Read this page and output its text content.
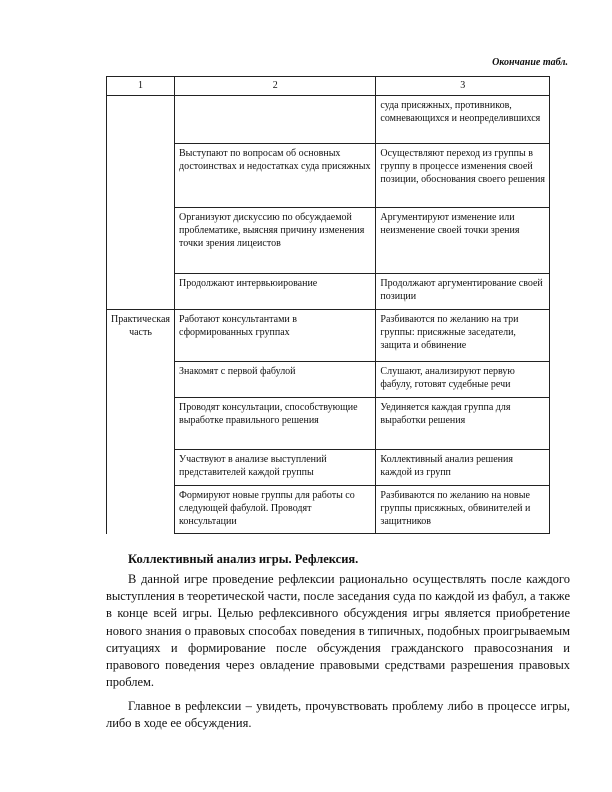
Окончание табл.
1	2	3
		суда присяжных, противников, сомневающихся и неопределившихся
	Выступают по вопросам об основных достоинствах и недостатках суда присяжных	Осуществляют переход из группы в группу в процессе изменения своей позиции, обоснования своего решения
	Организуют дискуссию по обсуждаемой проблематике, выясняя причину изменения точки зрения лицеистов	Аргументируют изменение или неизменение своей точки зрения
	Продолжают интервьюирование	Продолжают аргументирование своей позиции
Практическая часть	Работают консультантами в сформированных группах	Разбиваются по желанию на три группы: присяжные заседатели, защита и обвинение
	Знакомят с первой фабулой	Слушают, анализируют первую фабулу, готовят судебные речи
	Проводят консультации, способствующие выработке правильного решения	Уединяется каждая группа для выработки решения
	Участвуют в анализе выступлений представителей каждой группы	Коллективный анализ решения каждой из групп
	Формируют новые группы для работы со следующей фабулой. Проводят консультации	Разбиваются по желанию на новые группы присяжных, обвинителей и защитников
Коллективный анализ игры. Рефлексия.

В данной игре проведение рефлексии рационально осуществлять после каждого выступления в теоретической части, после заседания суда по каждой из фабул, а также в конце всей игры. Целью рефлексивного обсуждения игры является приобретение нового знания о правовых способах поведения в типичных, подобных проигрываемым ситуациях и формирование после обсуждения гражданского правосознания и правового поведения через овладение правовыми средствами разрешения правовых проблем.

Главное в рефлексии – увидеть, прочувствовать проблему либо в процессе игры, либо в ходе ее обсуждения.
